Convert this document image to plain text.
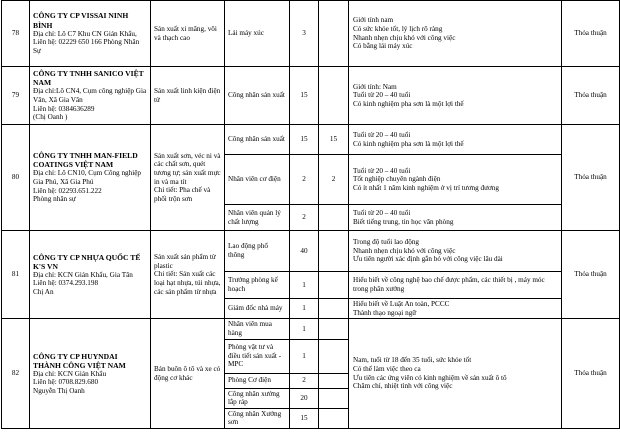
78	CÔNG TY CP VISSAI NINH BÌNH
Địa chỉ: Lô C7 Khu CN Gián Khẩu,
Liên hệ: 02229 650 166 Phòng Nhân Sự	Sản xuất xi măng, vôi và thạch cao	Lái máy xúc	3		Giới tính nam
Có sức khỏe tốt, lý lịch rõ ràng
Nhanh nhẹn chịu khó với công việc
Có bằng lái máy xúc	Thỏa thuận
79	CÔNG TY TNHH SANICO VIỆT NAM
Địa chỉ:Lô CN4, Cụm công nghiệp Gia Vân, Xã Gia Vân
Liên hệ: 0384636289
(Chị Oanh )	Sản xuất linh kiện điện tử	Công nhân sản xuất	15		Giới tính: Nam
Tuổi từ 20 – 40 tuổi
Có kinh nghiệm pha sơn là một lợi thế	Thỏa thuận
80	CÔNG TY TNHH MAN-FIELD COATINGS VIỆT NAM
Địa chỉ: Lô CN10, Cụm Công nghiệp Gia Phú, Xã Gia Phú
Liên hệ: 02293.651.222
Phòng nhân sự	Sản xuất sơn, véc ni và các chất sơn, quét tương tự; sản xuất mực in và ma tít
Chi tiết: Pha chế và phối trộn sơn	Công nhân sản xuất	15	15	Tuổi từ 20 – 40 tuổi
Có kinh nghiệm pha sơn là một lợi thế	Thỏa thuận
			Nhân viên cơ điện	2	2	Tuổi từ 20 – 40 tuổi
Tốt nghiệp chuyên ngành điện
Có ít nhất 1 năm kinh nghiệm ở vị trí tương đương	

			Nhân viên quản lý chất lượng	2		Tuổi từ 20 – 40 tuổi
Biết tiếng trung, tin học văn phòng	

81	CÔNG TY CP NHỰA QUỐC TẾ K'S VN
Địa chỉ: KCN Gián Khẩu, Gia Tân
Liên hệ: 0374.293.198
Chị An	Sản xuất sản phẩm từ plastic
Chi tiết: Sản xuất các loại hạt nhựa, túi nhựa, các sản phẩm từ nhựa	Lao động phổ thông	40		Trong độ tuổi lao động
Nhanh nhẹn chịu khó với công việc
Ưu tiên người xác định gắn bó với công việc lâu dài	Thỏa thuận
			Trưởng phòng kế hoạch	1		Hiểu biết về công nghệ bao chế được phẩm, các thiết bị , máy móc trong phân xưởng	

			Giám đốc nhà máy	1		Hiểu biết về Luật An toàn, PCCC
Thành thạo ngoại ngữ	

82	CÔNG TY CP HUYNDAI THÀNH CÔNG VIỆT NAM
Địa chỉ: KCN Gián Khẩu
Liên hệ: 0708.829.680
Nguyễn Thị Oanh	Bán buôn ô tô và xe có động cơ khác	Nhân viên mua hàng	1		Nam, tuổi từ 18 đến 35 tuổi, sức khỏe tốt
Có thể làm việc theo ca
Ưu tiên các ứng viên có kinh nghiệm về sản xuất ô tô
Chăm chỉ, nhiệt tình với công việc	Thỏa thuận
			Phòng vật tư và điều tiết sản xuất - MPC	1			
			Phòng Cơ điện	2			
			Công nhân xưởng lắp ráp	20			
			Công nhân Xưởng sơn	15			
